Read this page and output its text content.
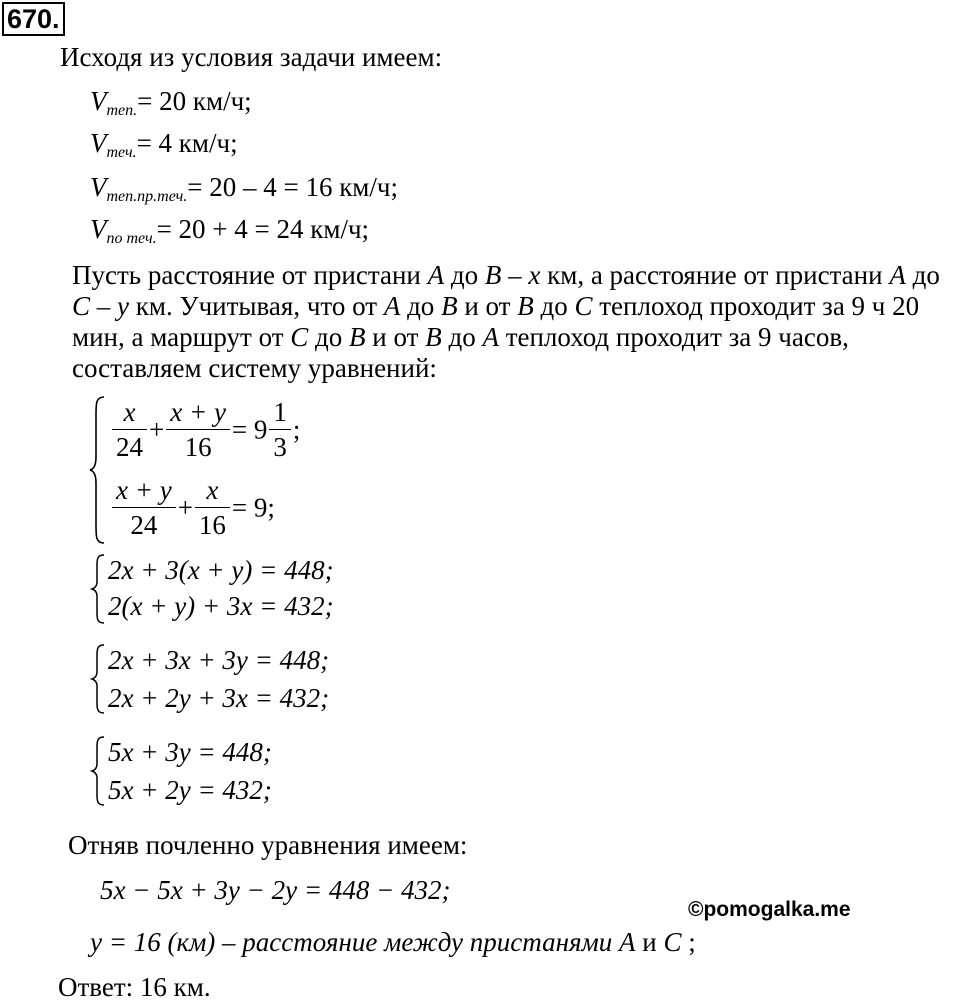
670.
Исходя из условия задачи имеем:
$V_{теп.}= 20$ км/ч;
$V_{теч.}= 4$ км/ч;
$V_{теп.пр.теч.}= 20 - 4 = 16$ км/ч;
$V_{по теч.}= 20 + 4 = 24$ км/ч;
Пусть расстояние от пристани A до B – x км, а расстояние от пристани A до
C – y км. Учитывая, что от A до B и от B до C теплоход проходит за 9 ч 20
мин, а маршрут от C до B и от B до A теплоход проходит за 9 часов,
составляем систему уравнений:
$\frac{x}{24} + \frac{x + y}{16} = 9 \frac{1}{3}$ ;
$\frac{x + y}{24} + \frac{x}{16} = 9$;
2x + 3(x + y) = 448;
2(x + y) + 3x = 432;
2x + 3x + 3y = 448;
2x + 2y + 3x = 432;
5x + 3y = 448;
5x + 2y = 432;
Отняв почленно уравнения имеем:
5x − 5x + 3y − 2y = 448 − 432;
©pomogalka.me
y = 16 (км) – расстояние между пристанями A и C ;
Ответ: 16 км.
